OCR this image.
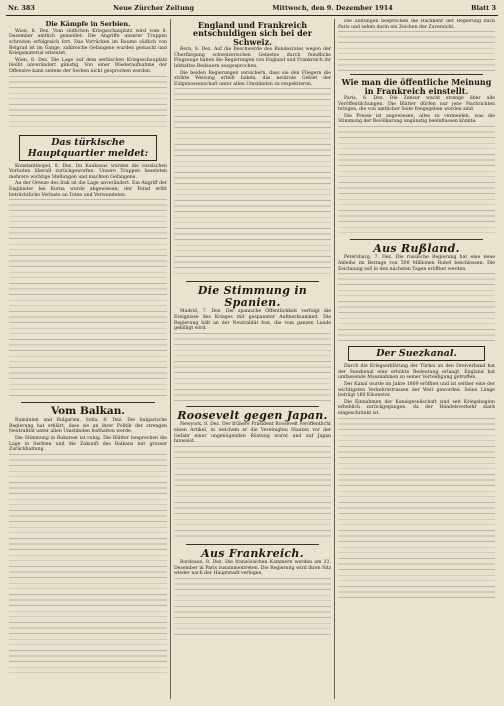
Nr. 383	Neue Zürcher Zeitung	Mittwoch, den 9. Dezember 1914	Blatt 3
Die Kämpfe in Serbien.

Wien, 8. Dez. Vom südlichen Kriegsschauplatz wird vom 8. Dezember amtlich gemeldet: Die Angriffe unserer Truppen schreiten erfolgreich fort. Das Vorrücken im Raume südlich von Belgrad ist im Gange, zahlreiche Gefangene wurden gemacht und Kriegsmaterial erbeutet.

Wien, 8. Dez. Die Lage auf dem serbischen Kriegsschauplatz bleibt unverändert günstig. Von einer Wiederaufnahme der Offensive kann seitens der Serben nicht gesprochen werden.

Das türkische Hauptquartier meldet:

Konstantinopel, 8. Dez. Im Kaukasus wurden die russischen Vorhuten überall zurückgeworfen. Unsere Truppen besetzten mehrere wichtige Stellungen und machten Gefangene.

An der Grenze des Irak ist die Lage unverändert. Ein Angriff der Engländer bei Korna wurde abgewiesen; der Feind erlitt beträchtliche Verluste an Toten und Verwundeten.

Vom Balkan.

Rumänien und Bulgarien. Sofia, 8. Dez. Die bulgarische Regierung hat erklärt, dass sie an ihrer Politik der strengen Neutralität unter allen Umständen festhalten werde.

Die Stimmung in Bukarest ist ruhig. Die Blätter besprechen die Lage in Serbien und die Zukunft des Balkans mit grosser Zurückhaltung.

England und Frankreich entschuldigen sich bei der Schweiz.

Bern, 8. Dez. Auf die Beschwerde des Bundesrates wegen der Überfliegung schweizerischen Gebietes durch feindliche Flugzeuge haben die Regierungen von England und Frankreich ihr lebhaftes Bedauern ausgesprochen.

Die beiden Regierungen versichern, dass sie den Fliegern die strikte Weisung erteilt haben, das neutrale Gebiet der Eidgenossenschaft unter allen Umständen zu respektieren.

Die Stimmung in Spanien.

Madrid, 7. Dez. Die spanische Öffentlichkeit verfolgt die Ereignisse des Krieges mit gespannter Aufmerksamkeit. Die Regierung hält an der Neutralität fest, die vom ganzen Lande gebilligt wird.

Roosevelt gegen Japan.

Newyork, 8. Dez. Der frühere Präsident Roosevelt veröffentlicht einen Artikel, in welchem er die Vereinigten Staaten vor der Gefahr einer ungenügenden Rüstung warnt und auf Japan hinweist.

Aus Frankreich.

Bordeaux, 8. Dez. Die französischen Kammern werden am 22. Dezember in Paris zusammentreten. Die Regierung wird ihren Sitz wieder nach der Hauptstadt verlegen.

Die Zeitungen besprechen die Rückkehr der Regierung nach Paris und sehen darin ein Zeichen der Zuversicht.

Wie man die öffentliche Meinung in Frankreich einstellt.

Paris, 6. Dez. Die Zensur wacht strenge über alle Veröffentlichungen. Die Blätter dürfen nur jene Nachrichten bringen, die von amtlicher Seite freigegeben worden sind.

Die Presse ist angewiesen, alles zu vermeiden, was die Stimmung der Bevölkerung ungünstig beeinflussen könnte.

Aus Rußland.

Petersburg, 7. Dez. Die russische Regierung hat eine neue Anleihe im Betrage von 500 Millionen Rubel beschlossen. Die Zeichnung soll in den nächsten Tagen eröffnet werden.

Der Suezkanal.

Durch die Kriegserklärung der Türkei an den Dreiverband hat der Suezkanal eine erhöhte Bedeutung erlangt. England hat umfassende Massnahmen zu seiner Verteidigung getroffen.

Der Kanal wurde im Jahre 1869 eröffnet und ist seither eine der wichtigsten Verkehrsstrassen der Welt geworden. Seine Länge beträgt 160 Kilometer.

Die Einnahmen der Kanalgesellschaft sind seit Kriegsbeginn erheblich zurückgegangen, da der Handelsverkehr stark eingeschränkt ist.
